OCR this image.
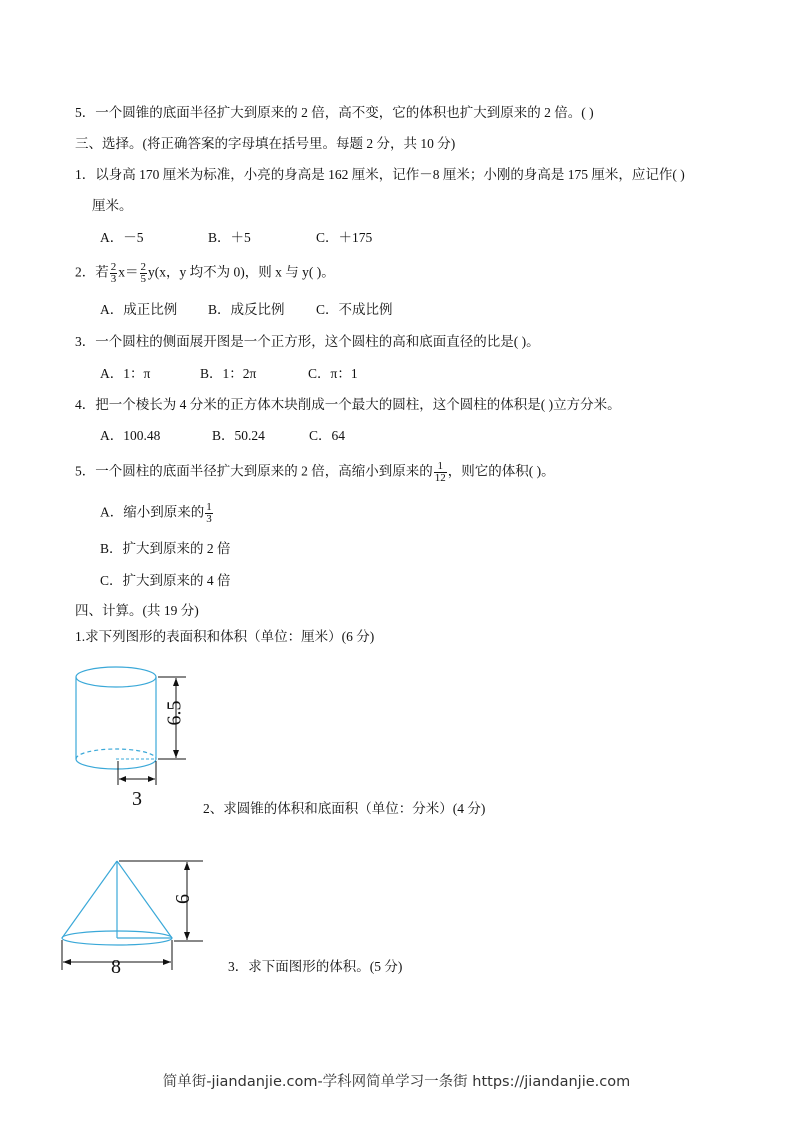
5．一个圆锥的底面半径扩大到原来的 2 倍，高不变，它的体积也扩大到原来的 2 倍。( )
三、选择。(将正确答案的字母填在括号里。每题 2 分，共 10 分)
1．以身高 170 厘米为标准，小亮的身高是 162 厘米，记作－8 厘米；小刚的身高是 175 厘米，应记作( )
厘米。
A．－5	B．＋5	C．＋175
2．若 $\frac{2}{3} x= \frac{2}{5} y(x$，y 均不为 0)，则 x 与 y( )。
A．成正比例 B．成反比例 C．不成比例
3．一个圆柱的侧面展开图是一个正方形，这个圆柱的高和底面直径的比是( )。
A．1：π	B．1：2π	C．π：1
4．把一个棱长为 4 分米的正方体木块削成一个最大的圆柱，这个圆柱的体积是( )立方分米。
A．100.48	B．50.24	C．64
5．一个圆柱的底面半径扩大到原来的 2 倍，高缩小到原来的 $\frac{1}{12}$ ，则它的体积( )。
A．缩小到原来的 $\frac{1}{3}$
B．扩大到原来的 2 倍
C．扩大到原来的 4 倍
四、计算。(共 19 分)
1.求下列图形的表面积和体积（单位：厘米）(6 分)
6.5
3	2、求圆锥的体积和底面积（单位：分米）(4 分)
6
8	3．求下面图形的体积。(5 分)
简单街-jiandanjie.com-学科网简单学习一条街 https://jiandanjie.com
